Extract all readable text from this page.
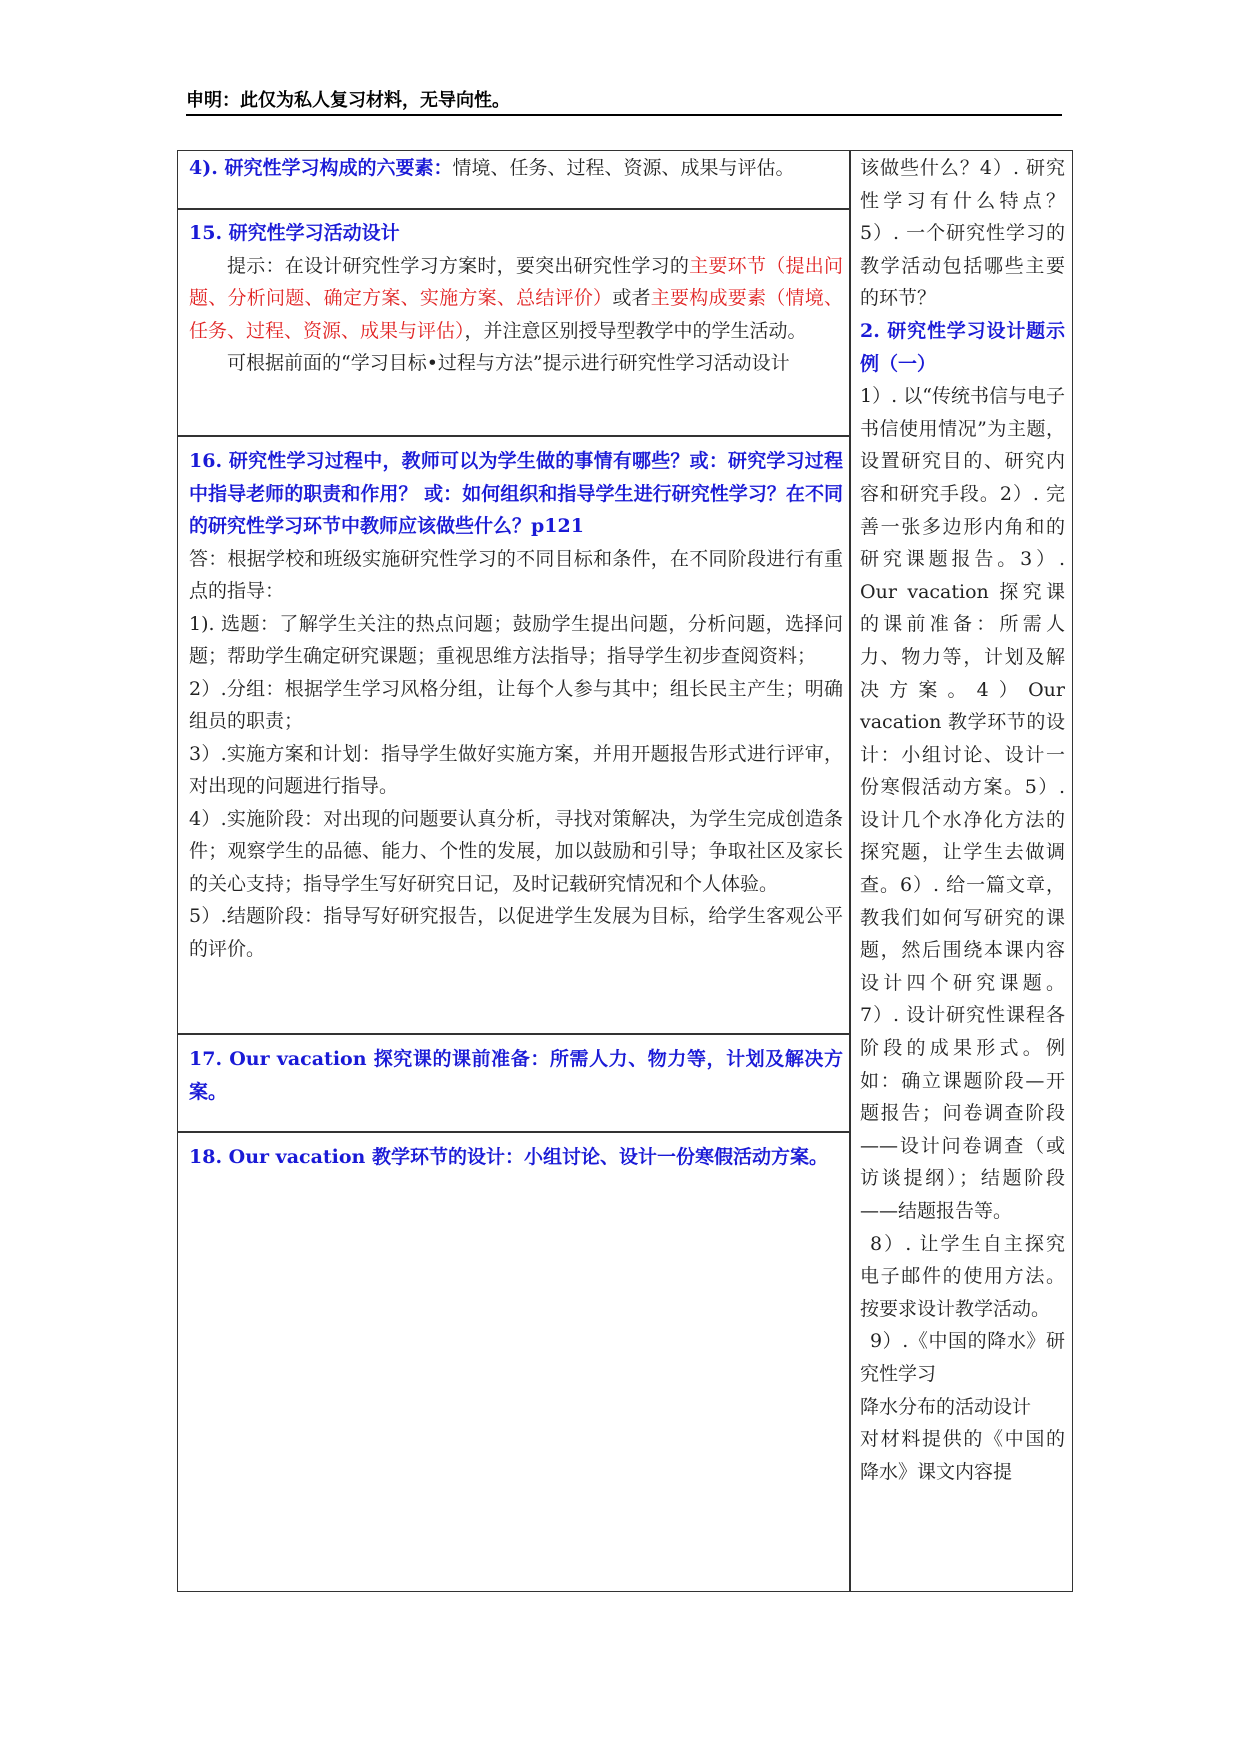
申明：此仅为私人复习材料，无导向性。

4). 研究性学习构成的六要素：情境、任务、过程、资源、成果与评估。

15. 研究性学习活动设计

提示：在设计研究性学习方案时，要突出研究性学习的主要环节（提出问题、分析问题、确定方案、实施方案、总结评价）或者主要构成要素（情境、任务、过程、资源、成果与评估），并注意区别授导型教学中的学生活动。

可根据前面的“学习目标•过程与方法”提示进行研究性学习活动设计

16. 研究性学习过程中，教师可以为学生做的事情有哪些？或：研究学习过程中指导老师的职责和作用？ 或：如何组织和指导学生进行研究性学习？在不同的研究性学习环节中教师应该做些什么？p121

答：根据学校和班级实施研究性学习的不同目标和条件，在不同阶段进行有重点的指导：

1). 选题：了解学生关注的热点问题；鼓励学生提出问题，分析问题，选择问题；帮助学生确定研究课题；重视思维方法指导；指导学生初步查阅资料；

2）.分组：根据学生学习风格分组，让每个人参与其中；组长民主产生；明确组员的职责；

3）.实施方案和计划：指导学生做好实施方案，并用开题报告形式进行评审，对出现的问题进行指导。

4）.实施阶段：对出现的问题要认真分析，寻找对策解决，为学生完成创造条件；观察学生的品德、能力、个性的发展，加以鼓励和引导；争取社区及家长的关心支持；指导学生写好研究日记，及时记载研究情况和个人体验。

5）.结题阶段：指导写好研究报告，以促进学生发展为目标，给学生客观公平的评价。

17. Our vacation 探究课的课前准备：所需人力、物力等，计划及解决方案。

18. Our vacation 教学环节的设计：小组讨论、设计一份寒假活动方案。

该做些什么？4）. 研究性学习有什么特点？5）. 一个研究性学习的教学活动包括哪些主要的环节？

2. 研究性学习设计题示例（一）

1）. 以“传统书信与电子书信使用情况”为主题，设置研究目的、研究内容和研究手段。2）. 完善一张多边形内角和的研究课题报告。3）. Our vacation 探究课的课前准备：所需人力、物力等，计划及解决方案。4）Our vacation 教学环节的设计：小组讨论、设计一份寒假活动方案。5）. 设计几个水净化方法的探究题，让学生去做调查。6）. 给一篇文章，教我们如何写研究的课题，然后围绕本课内容设计四个研究课题。7）. 设计研究性课程各阶段的成果形式。例如：确立课题阶段—开题报告；问卷调查阶段——设计问卷调查（或访谈提纲）；结题阶段——结题报告等。

8）. 让学生自主探究电子邮件的使用方法。按要求设计教学活动。

9）.《中国的降水》研究性学习

降水分布的活动设计

对材料提供的《中国的降水》课文内容提
